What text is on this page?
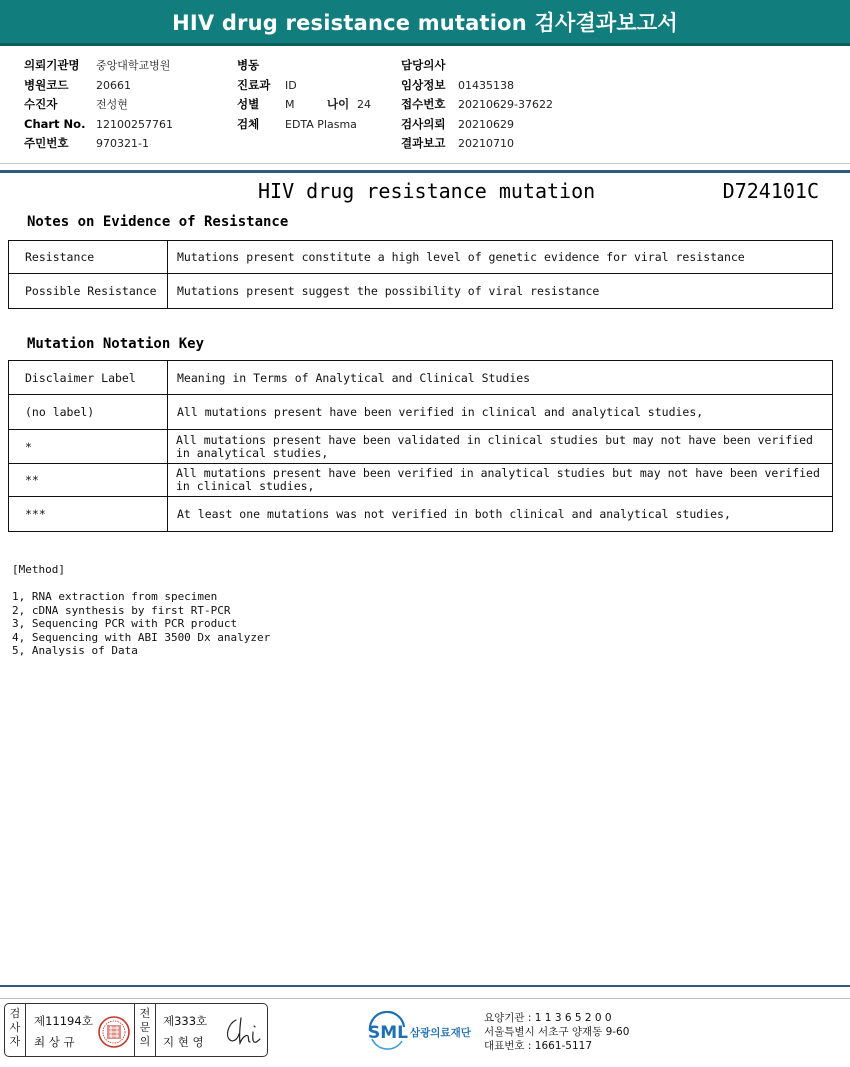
HIV drug resistance mutation 검사결과보고서
의뢰기관명	중앙대학교병원
병원코드	20661
수진자	전성현
Chart No. 12100257761
주민번호	970321-1
병동
진료과	ID
성별	M	나이 24
검체	EDTA Plasma
담당의사
임상정보	01435138
접수번호	20210629-37622
검사의뢰	20210629
결과보고	20210710
HIV drug resistance mutation	D724101C
Notes on Evidence of Resistance
Resistance	Mutations present constitute a high level of genetic evidence for viral resistance
Possible Resistance	Mutations present suggest the possibility of viral resistance
Mutation Notation Key
Disclaimer Label	Meaning in Terms of Analytical and Clinical Studies
(no label)	All mutations present have been verified in clinical and analytical studies,
*	All mutations present have been validated in clinical studies but may not have been verified
in analytical studies,

**	All mutations present have been verified in analytical studies but may not have been verified
in clinical studies,

***	At least one mutations was not verified in both clinical and analytical studies,
[Method]
1, RNA extraction from specimen
2, cDNA synthesis by first RT-PCR
3, Sequencing PCR with PCR product
4, Sequencing with ABI 3500 Dx analyzer
5, Analysis of Data
검사자
제11194호
최 상 규
전문의
제333호
지 현 영	SML 삼광의료재단
요양기관 : 1 1 3 6 5 2 0 0
서울특별시 서초구 양재동 9-60
대표번호 : 1661-5117
